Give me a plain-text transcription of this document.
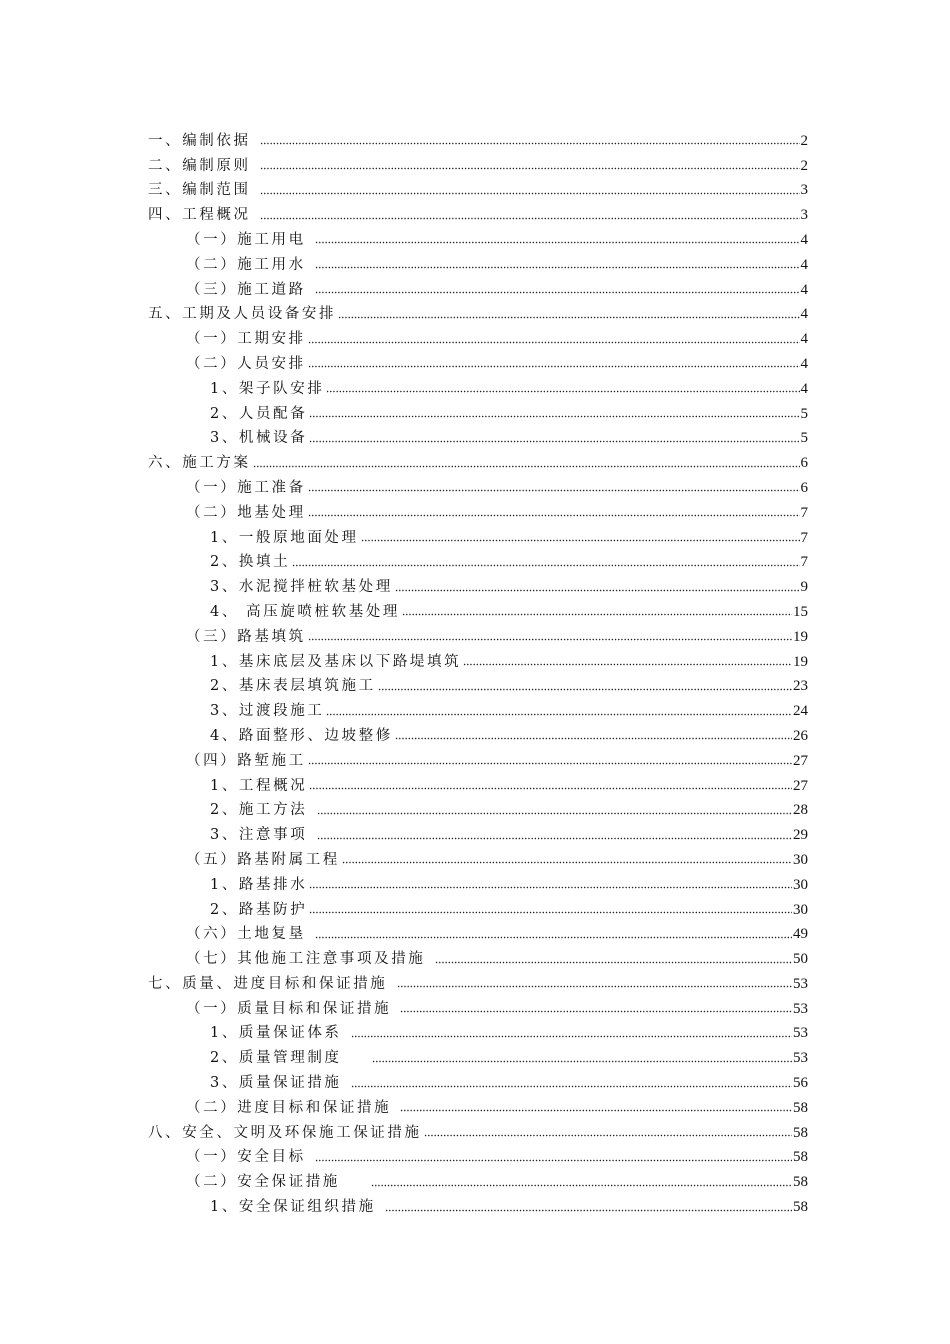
一、编制依据	2
二、编制原则	2
三、编制范围	3
四、工程概况	3
（一）施工用电	4
（二）施工用水	4
（三）施工道路	4
五、工期及人员设备安排	4
（一）工期安排	4
（二）人员安排	4
1、架子队安排	4
2、人员配备	5
3、机械设备	5
六、施工方案	6
（一）施工准备	6
（二）地基处理	7
1、一般原地面处理	7
2、换填土	7
3、水泥搅拌桩软基处理	9
4、 高压旋喷桩软基处理	15
（三）路基填筑	19
1、基床底层及基床以下路堤填筑	19
2、基床表层填筑施工	23
3、过渡段施工	24
4、路面整形、边坡整修	26
（四）路堑施工	27
1、工程概况	27
2、施工方法	28
3、注意事项	29
（五）路基附属工程	30
1、路基排水	30
2、路基防护	30
（六）土地复垦	49
（七）其他施工注意事项及措施	50
七、质量、进度目标和保证措施	53
（一）质量目标和保证措施	53
1、质量保证体系	53
2、质量管理制度	53
3、质量保证措施	56
（二）进度目标和保证措施	58
八、安全、文明及环保施工保证措施	58
（一）安全目标	58
（二）安全保证措施	58
1、安全保证组织措施	58
